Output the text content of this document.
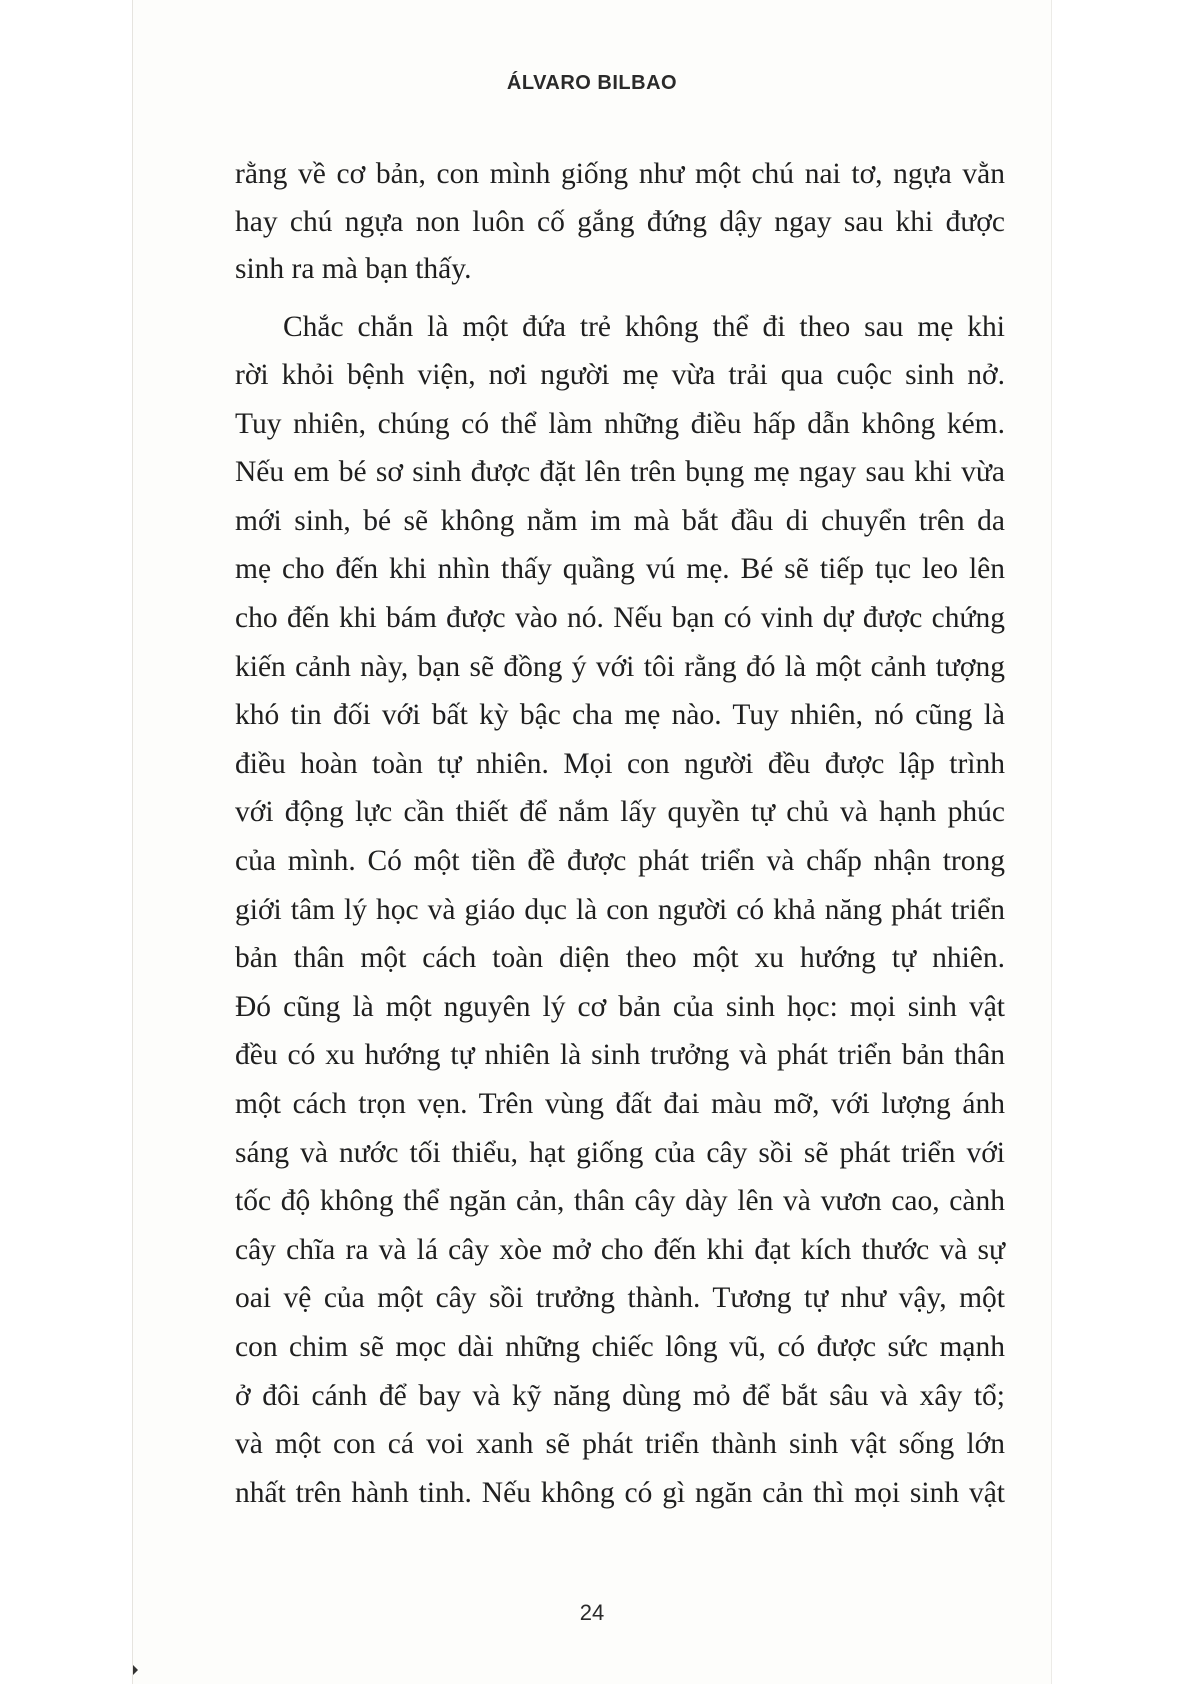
ÁLVARO BILBAO

rằng về cơ bản, con mình giống như một chú nai tơ, ngựa vằn
hay chú ngựa non luôn cố gắng đứng dậy ngay sau khi được
sinh ra mà bạn thấy.

Chắc chắn là một đứa trẻ không thể đi theo sau mẹ khi
rời khỏi bệnh viện, nơi người mẹ vừa trải qua cuộc sinh nở.
Tuy nhiên, chúng có thể làm những điều hấp dẫn không kém.
Nếu em bé sơ sinh được đặt lên trên bụng mẹ ngay sau khi vừa
mới sinh, bé sẽ không nằm im mà bắt đầu di chuyển trên da
mẹ cho đến khi nhìn thấy quầng vú mẹ. Bé sẽ tiếp tục leo lên
cho đến khi bám được vào nó. Nếu bạn có vinh dự được chứng
kiến cảnh này, bạn sẽ đồng ý với tôi rằng đó là một cảnh tượng
khó tin đối với bất kỳ bậc cha mẹ nào. Tuy nhiên, nó cũng là
điều hoàn toàn tự nhiên. Mọi con người đều được lập trình
với động lực cần thiết để nắm lấy quyền tự chủ và hạnh phúc
của mình. Có một tiền đề được phát triển và chấp nhận trong
giới tâm lý học và giáo dục là con người có khả năng phát triển
bản thân một cách toàn diện theo một xu hướng tự nhiên.
Đó cũng là một nguyên lý cơ bản của sinh học: mọi sinh vật
đều có xu hướng tự nhiên là sinh trưởng và phát triển bản thân
một cách trọn vẹn. Trên vùng đất đai màu mỡ, với lượng ánh
sáng và nước tối thiểu, hạt giống của cây sồi sẽ phát triển với
tốc độ không thể ngăn cản, thân cây dày lên và vươn cao, cành
cây chĩa ra và lá cây xòe mở cho đến khi đạt kích thước và sự
oai vệ của một cây sồi trưởng thành. Tương tự như vậy, một
con chim sẽ mọc dài những chiếc lông vũ, có được sức mạnh
ở đôi cánh để bay và kỹ năng dùng mỏ để bắt sâu và xây tổ;
và một con cá voi xanh sẽ phát triển thành sinh vật sống lớn
nhất trên hành tinh. Nếu không có gì ngăn cản thì mọi sinh vật

24
